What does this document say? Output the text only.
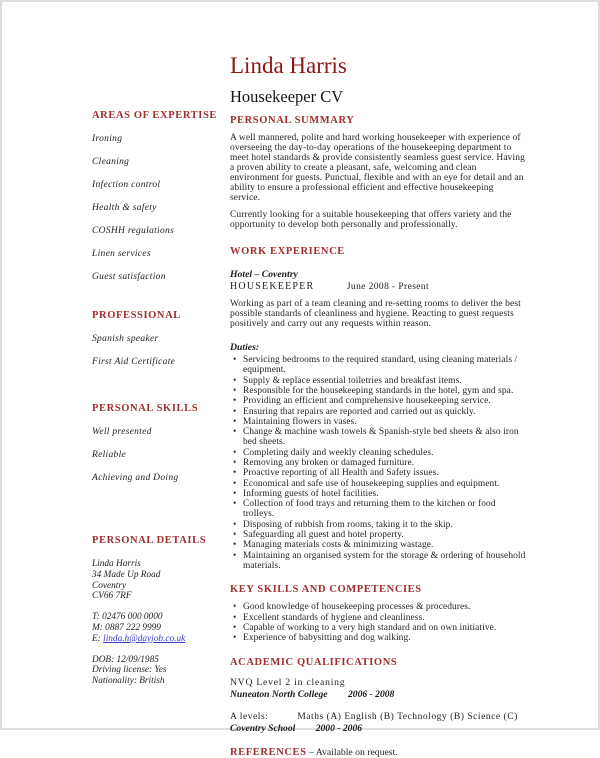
AREAS OF EXPERTISE
Ironing
Cleaning
Infection control
Health & safety
COSHH regulations
Linen services
Guest satisfaction
PROFESSIONAL
Spanish speaker
First Aid Certificate
PERSONAL SKILLS
Well presented
Reliable
Achieving and Doing
PERSONAL DETAILS
Linda Harris
34 Made Up Road
Coventry
CV66 7RF
T: 02476 000 0000
M: 0887 222 9999
E: linda.h@dayjob.co.uk
DOB: 12/09/1985
Driving license: Yes
Nationality: British
Linda Harris
Housekeeper CV
PERSONAL SUMMARY

A well mannered, polite and hard working housekeeper with experience of overseeing the day-to-day operations of the housekeeping department to meet hotel standards & provide consistently seamless guest service. Having a proven ability to create a pleasant, safe, welcoming and clean environment for guests. Punctual, flexible and with an eye for detail and an ability to ensure a professional efficient and effective housekeeping service.

Currently looking for a suitable housekeeping that offers variety and the opportunity to develop both personally and professionally.

WORK EXPERIENCE

Hotel – Coventry

HOUSEKEEPER	June 2008 - Present

Working as part of a team cleaning and re-setting rooms to deliver the best possible standards of cleanliness and hygiene. Reacting to guest requests positively and carry out any requests within reason.

Duties:

• Servicing bedrooms to the required standard, using cleaning materials / equipment.
• Supply & replace essential toiletries and breakfast items.
• Responsible for the housekeeping standards in the hotel, gym and spa.
• Providing an efficient and comprehensive housekeeping service.
• Ensuring that repairs are reported and carried out as quickly.
• Maintaining flowers in vases.
• Change & machine wash towels & Spanish-style bed sheets & also iron bed sheets.
• Completing daily and weekly cleaning schedules.
• Removing any broken or damaged furniture.
• Proactive reporting of all Health and Safety issues.
• Economical and safe use of housekeeping supplies and equipment.
• Informing guests of hotel facilities.
• Collection of food trays and returning them to the kitchen or food trolleys.
• Disposing of rubbish from rooms, taking it to the skip.
• Safeguarding all guest and hotel property.
• Managing materials costs & minimizing wastage.
• Maintaining an organised system for the storage & ordering of household materials.
KEY SKILLS AND COMPETENCIES
• Good knowledge of housekeeping processes & procedures.
• Excellent standards of hygiene and cleanliness.
• Capable of working to a very high standard and on own initiative.
• Experience of babysitting and dog walking.
ACADEMIC QUALIFICATIONS

NVQ Level 2 in cleaning

Nuneaton North College 2006 - 2008

A levels:	Maths (A) English (B) Technology (B) Science (C)

Coventry School 2000 - 2006

REFERENCES – Available on request.
